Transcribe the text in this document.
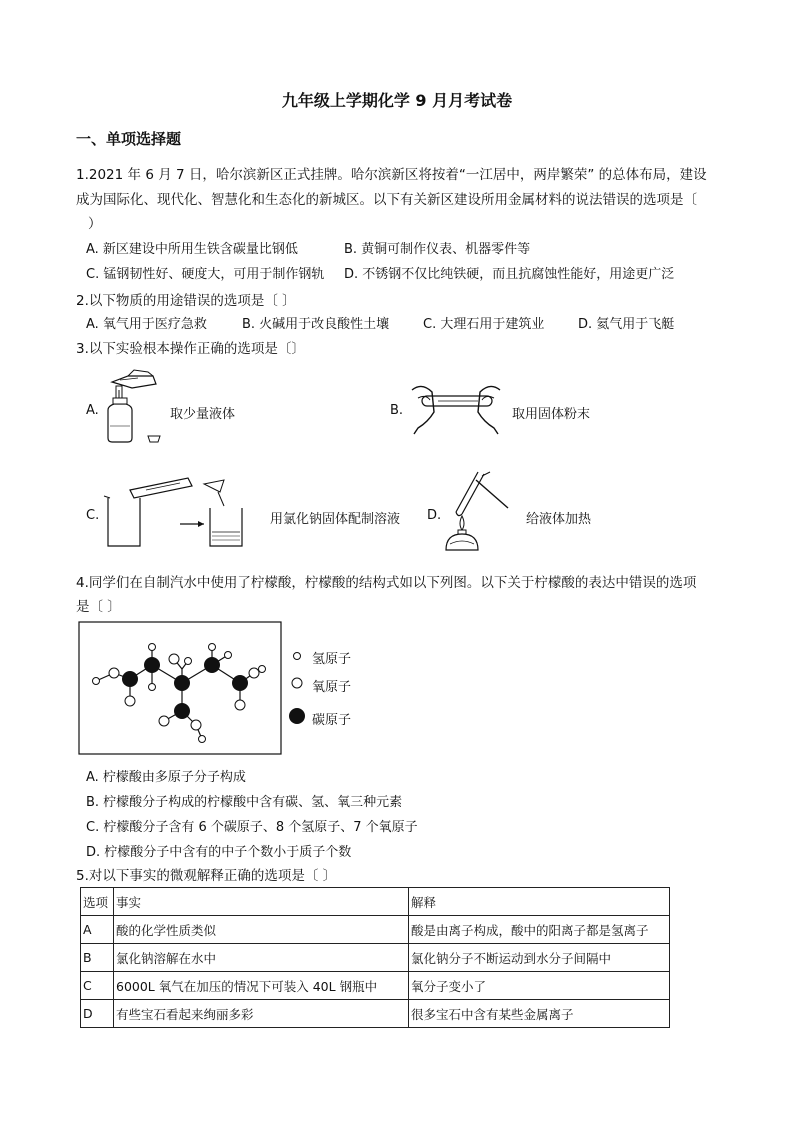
九年级上学期化学 9 月月考试卷
一、单项选择题
1.2021 年 6 月 7 日，哈尔滨新区正式挂牌。哈尔滨新区将按着“一江居中，两岸繁荣” 的总体布局，建设
成为国际化、现代化、智慧化和生态化的新城区。以下有关新区建设所用金属材料的说法错误的选项是〔
）
A. 新区建设中所用生铁含碳量比钢低	B. 黄铜可制作仪表、机器零件等
C. 锰钢韧性好、硬度大，可用于制作钢轨 D. 不锈钢不仅比纯铁硬，而且抗腐蚀性能好，用途更广泛
2.以下物质的用途错误的选项是〔 〕
A. 氧气用于医疗急救	B. 火碱用于改良酸性土壤	C. 大理石用于建筑业	D. 氦气用于飞艇
3.以下实验根本操作正确的选项是〔〕
A.	取少量液体	B.	取用固体粉末
C.	用氯化钠固体配制溶液 D.	给液体加热
4.同学们在自制汽水中使用了柠檬酸，柠檬酸的结构式如以下列图。以下关于柠檬酸的表达中错误的选项
是〔 〕
氢原子
氧原子
碳原子
A. 柠檬酸由多原子分子构成
B. 柠檬酸分子构成的柠檬酸中含有碳、氢、氧三种元素
C. 柠檬酸分子含有 6 个碳原子、8 个氢原子、7 个氧原子
D. 柠檬酸分子中含有的中子个数小于质子个数
5.对以下事实的微观解释正确的选项是〔 〕
选项	事实	解释
A	酸的化学性质类似	酸是由离子构成，酸中的阳离子都是氢离子
B	氯化钠溶解在水中	氯化钠分子不断运动到水分子间隔中
C	6000L 氧气在加压的情况下可装入 40L 钢瓶中	氧分子变小了
D	有些宝石看起来绚丽多彩	很多宝石中含有某些金属离子
